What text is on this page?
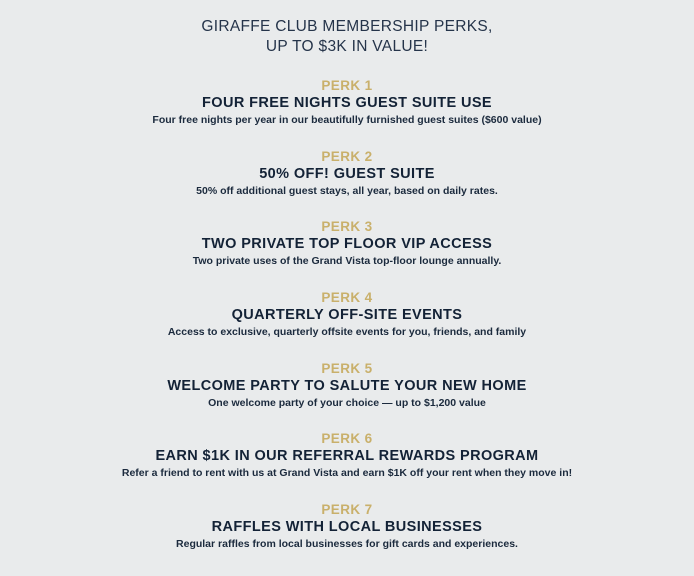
GIRAFFE CLUB MEMBERSHIP PERKS,
UP TO $3K IN VALUE!
PERK 1
FOUR FREE NIGHTS GUEST SUITE USE
Four free nights per year in our beautifully furnished guest suites ($600 value)
PERK 2
50% OFF! GUEST SUITE
50% off additional guest stays, all year, based on daily rates.
PERK 3
TWO PRIVATE TOP FLOOR VIP ACCESS
Two private uses of the Grand Vista top-floor lounge annually.
PERK 4
QUARTERLY OFF-SITE EVENTS
Access to exclusive, quarterly offsite events for you, friends, and family
PERK 5
WELCOME PARTY TO SALUTE YOUR NEW HOME
One welcome party of your choice — up to $1,200 value
PERK 6
EARN $1K IN OUR REFERRAL REWARDS PROGRAM
Refer a friend to rent with us at Grand Vista and earn $1K off your rent when they move in!
PERK 7
RAFFLES WITH LOCAL BUSINESSES
Regular raffles from local businesses for gift cards and experiences.
